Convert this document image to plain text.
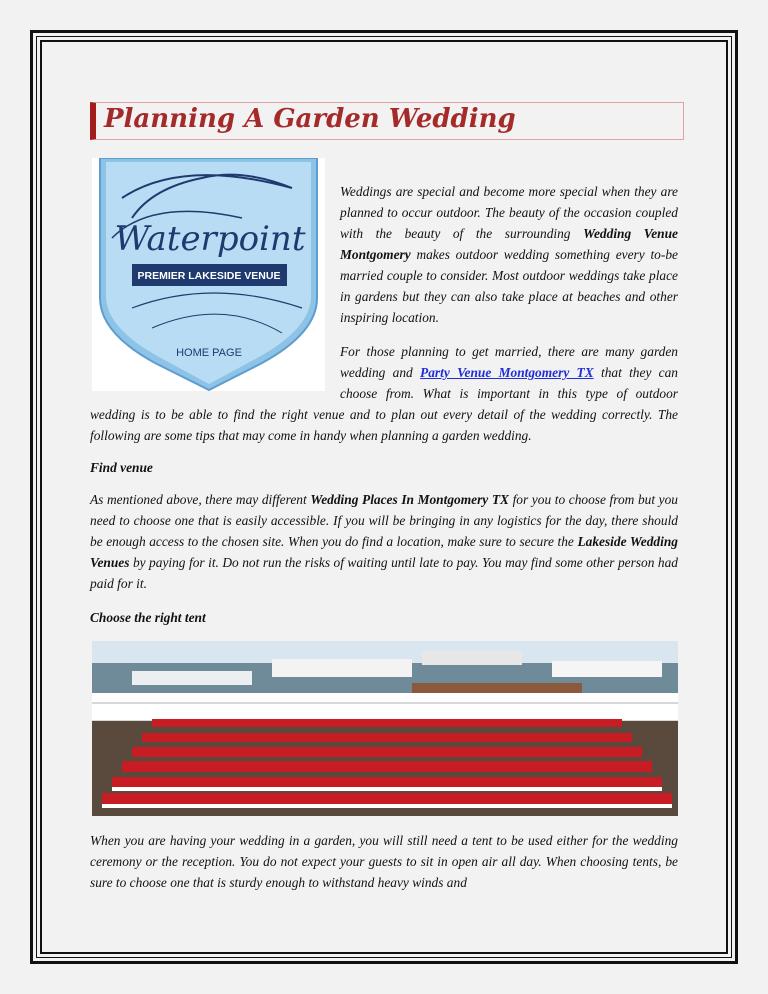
Planning A Garden Wedding
Waterpoint
PREMIER LAKESIDE VENUE
HOME PAGE
Weddings are special and become more special when they are planned to occur outdoor. The beauty of the occasion coupled with the beauty of the surrounding Wedding Venue Montgomery makes outdoor wedding something every to-be married couple to consider. Most outdoor weddings take place in gardens but they can also take place at beaches and other inspiring location.
For those planning to get married, there are many garden wedding and Party Venue Montgomery TX that they can choose from. What is important in this type of outdoor wedding is to be able to find the right venue and to plan out every detail of the wedding correctly. The following are some tips that may come in handy when planning a garden wedding.
Find venue
As mentioned above, there may different Wedding Places In Montgomery TX for you to choose from but you need to choose one that is easily accessible. If you will be bringing in any logistics for the day, there should be enough access to the chosen site. When you do find a location, make sure to secure the Lakeside Wedding Venues by paying for it. Do not run the risks of waiting until late to pay. You may find some other person had paid for it.
Choose the right tent
When you are having your wedding in a garden, you will still need a tent to be used either for the wedding ceremony or the reception. You do not expect your guests to sit in open air all day. When choosing tents, be sure to choose one that is sturdy enough to withstand heavy winds and
